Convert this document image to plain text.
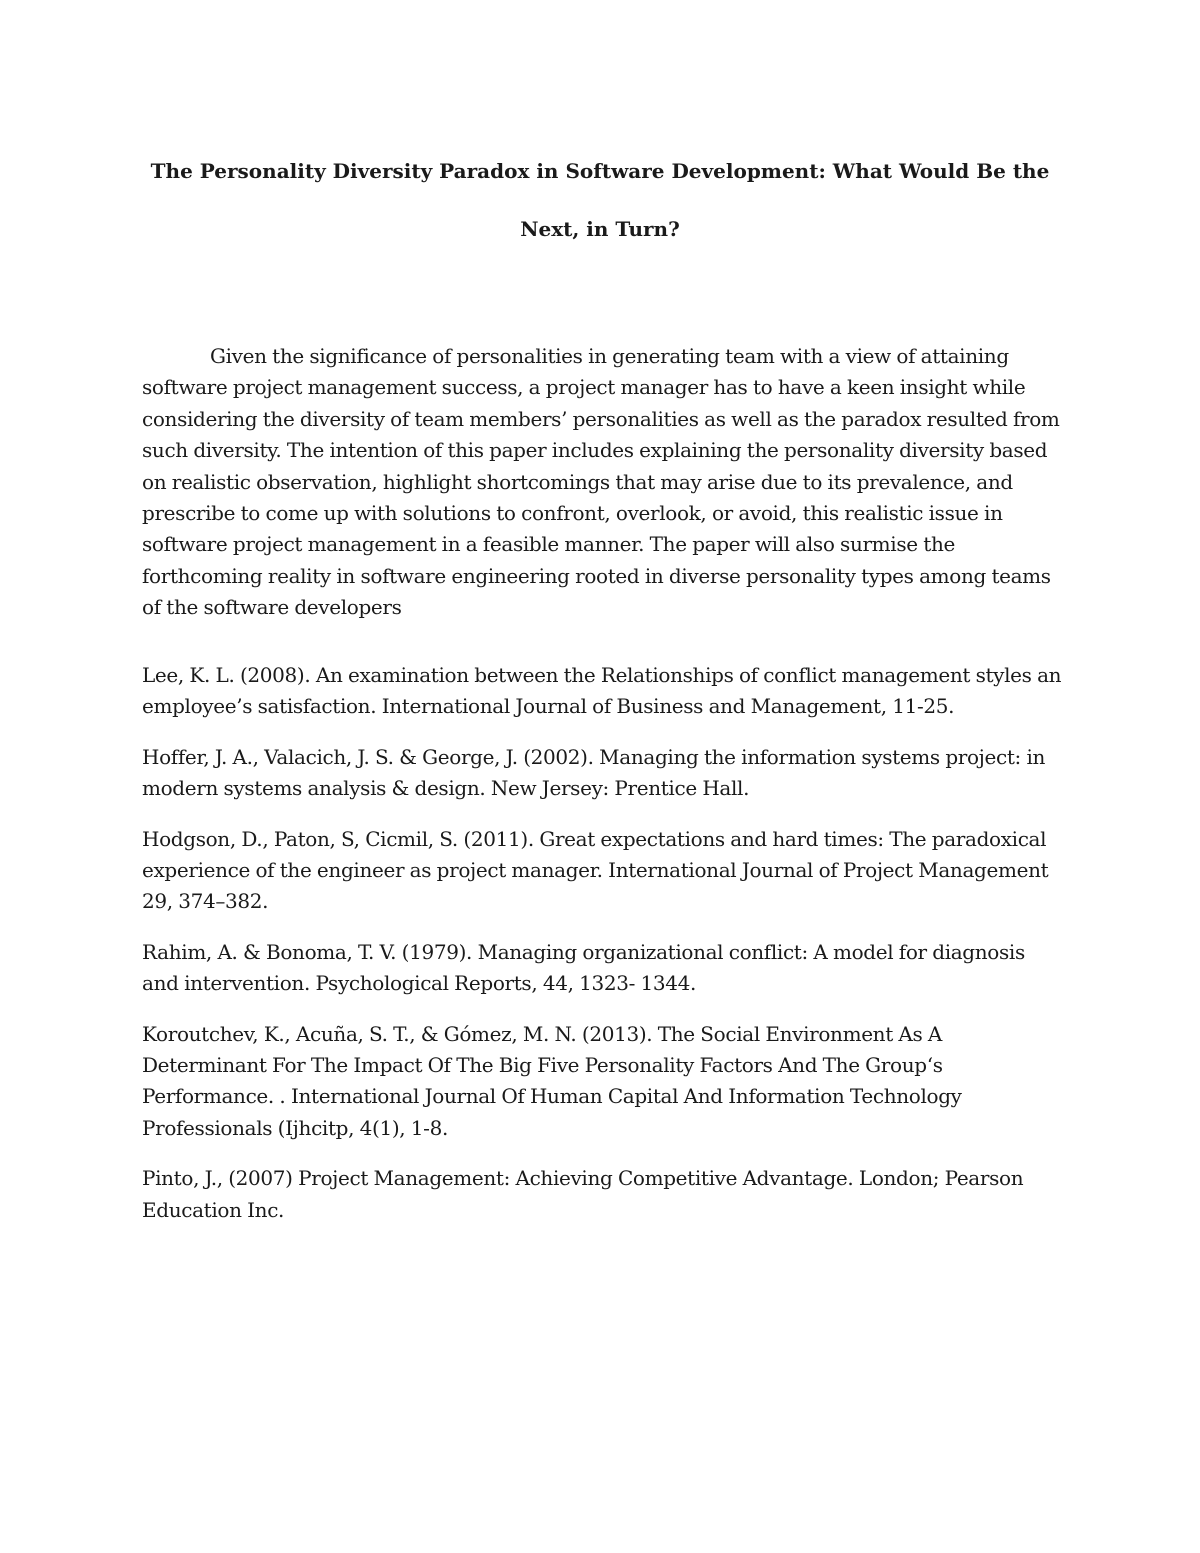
The Personality Diversity Paradox in Software Development: What Would Be the Next, in Turn?

Given the significance of personalities in generating team with a view of attaining software project management success, a project manager has to have a keen insight while considering the diversity of team members’ personalities as well as the paradox resulted from such diversity. The intention of this paper includes explaining the personality diversity based on realistic observation, highlight shortcomings that may arise due to its prevalence, and prescribe to come up with solutions to confront, overlook, or avoid, this realistic issue in software project management in a feasible manner. The paper will also surmise the forthcoming reality in software engineering rooted in diverse personality types among teams of the software developers

Lee, K. L. (2008). An examination between the Relationships of conflict management styles an employee’s satisfaction. International Journal of Business and Management, 11-25.
Hoffer, J. A., Valacich, J. S. & George, J. (2002). Managing the information systems project: in modern systems analysis & design. New Jersey: Prentice Hall.
Hodgson, D., Paton, S, Cicmil, S. (2011). Great expectations and hard times: The paradoxical experience of the engineer as project manager. International Journal of Project Management 29, 374–382.
Rahim, A. & Bonoma, T. V. (1979). Managing organizational conflict: A model for diagnosis and intervention. Psychological Reports, 44, 1323- 1344.
Koroutchev, K., Acuña, S. T., & Gómez, M. N. (2013). The Social Environment As A Determinant For The Impact Of The Big Five Personality Factors And The Group‘s Performance. . International Journal Of Human Capital And Information Technology Professionals (Ijhcitp, 4(1), 1-8.
Pinto, J., (2007) Project Management: Achieving Competitive Advantage. London; Pearson Education Inc.
